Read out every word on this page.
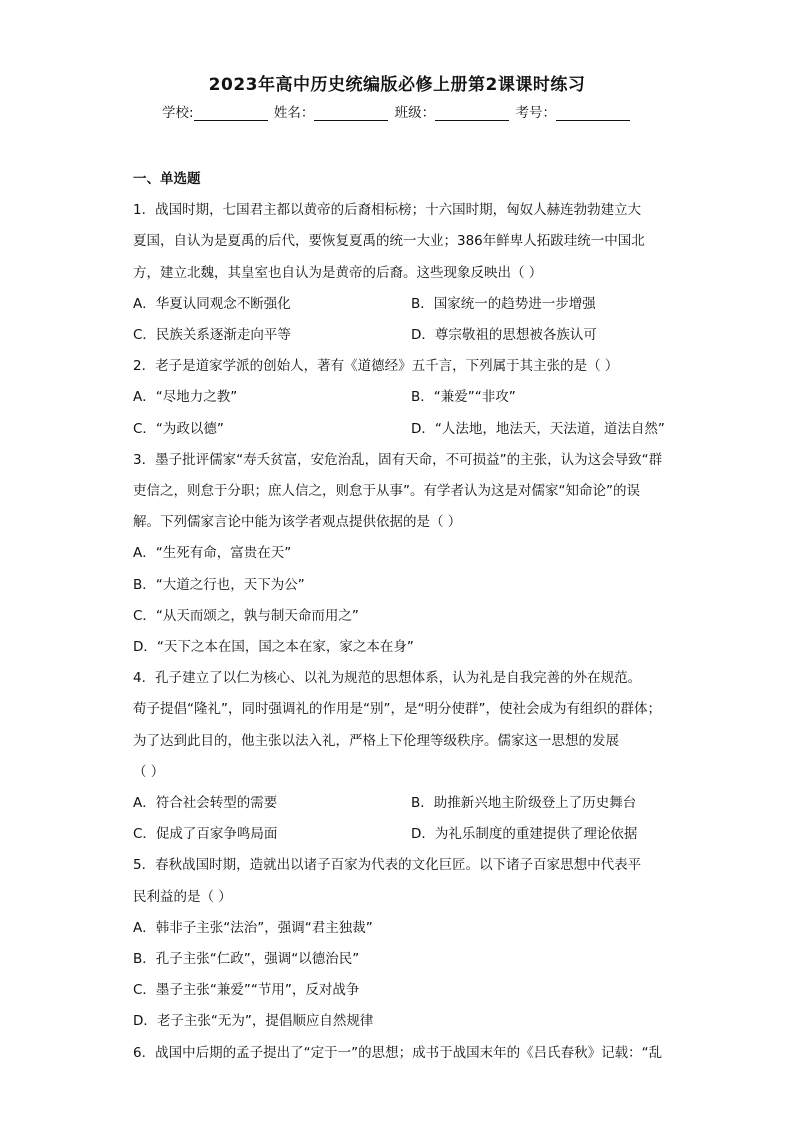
2023年高中历史统编版必修上册第2课课时练习
学校:	姓名：	班级：	考号：
一、单选题
1．战国时期，七国君主都以黄帝的后裔相标榜；十六国时期，匈奴人赫连勃勃建立大
夏国，自认为是夏禹的后代，要恢复夏禹的统一大业；386年鲜卑人拓跋珪统一中国北
方，建立北魏，其皇室也自认为是黄帝的后裔。这些现象反映出（ ）
A．华夏认同观念不断强化	B．国家统一的趋势进一步增强
C．民族关系逐渐走向平等	D．尊宗敬祖的思想被各族认可
2．老子是道家学派的创始人，著有《道德经》五千言，下列属于其主张的是（ ）
A．“尽地力之教”	B．“兼爱”“非攻”
C．“为政以德”	D．“人法地，地法天，天法道，道法自然”
3．墨子批评儒家“寿夭贫富，安危治乱，固有天命，不可损益”的主张，认为这会导致“群
吏信之，则怠于分职；庶人信之，则怠于从事”。有学者认为这是对儒家“知命论”的误
解。下列儒家言论中能为该学者观点提供依据的是（ ）
A．“生死有命，富贵在天”
B．“大道之行也，天下为公”
C．“从天而颂之，孰与制天命而用之”
D．“天下之本在国，国之本在家，家之本在身”
4．孔子建立了以仁为核心、以礼为规范的思想体系，认为礼是自我完善的外在规范。
荀子提倡“隆礼”，同时强调礼的作用是“别”，是“明分使群”，使社会成为有组织的群体；
为了达到此目的，他主张以法入礼，严格上下伦理等级秩序。儒家这一思想的发展
（ ）
A．符合社会转型的需要	B．助推新兴地主阶级登上了历史舞台
C．促成了百家争鸣局面	D．为礼乐制度的重建提供了理论依据
5．春秋战国时期，造就出以诸子百家为代表的文化巨匠。以下诸子百家思想中代表平
民利益的是（ ）
A．韩非子主张“法治”，强调“君主独裁”
B．孔子主张“仁政”，强调“以德治民”
C．墨子主张“兼爱”“节用”，反对战争
D．老子主张“无为”，提倡顺应自然规律
6．战国中后期的孟子提出了“定于一”的思想；成书于战国末年的《吕氏春秋》记载：“乱
